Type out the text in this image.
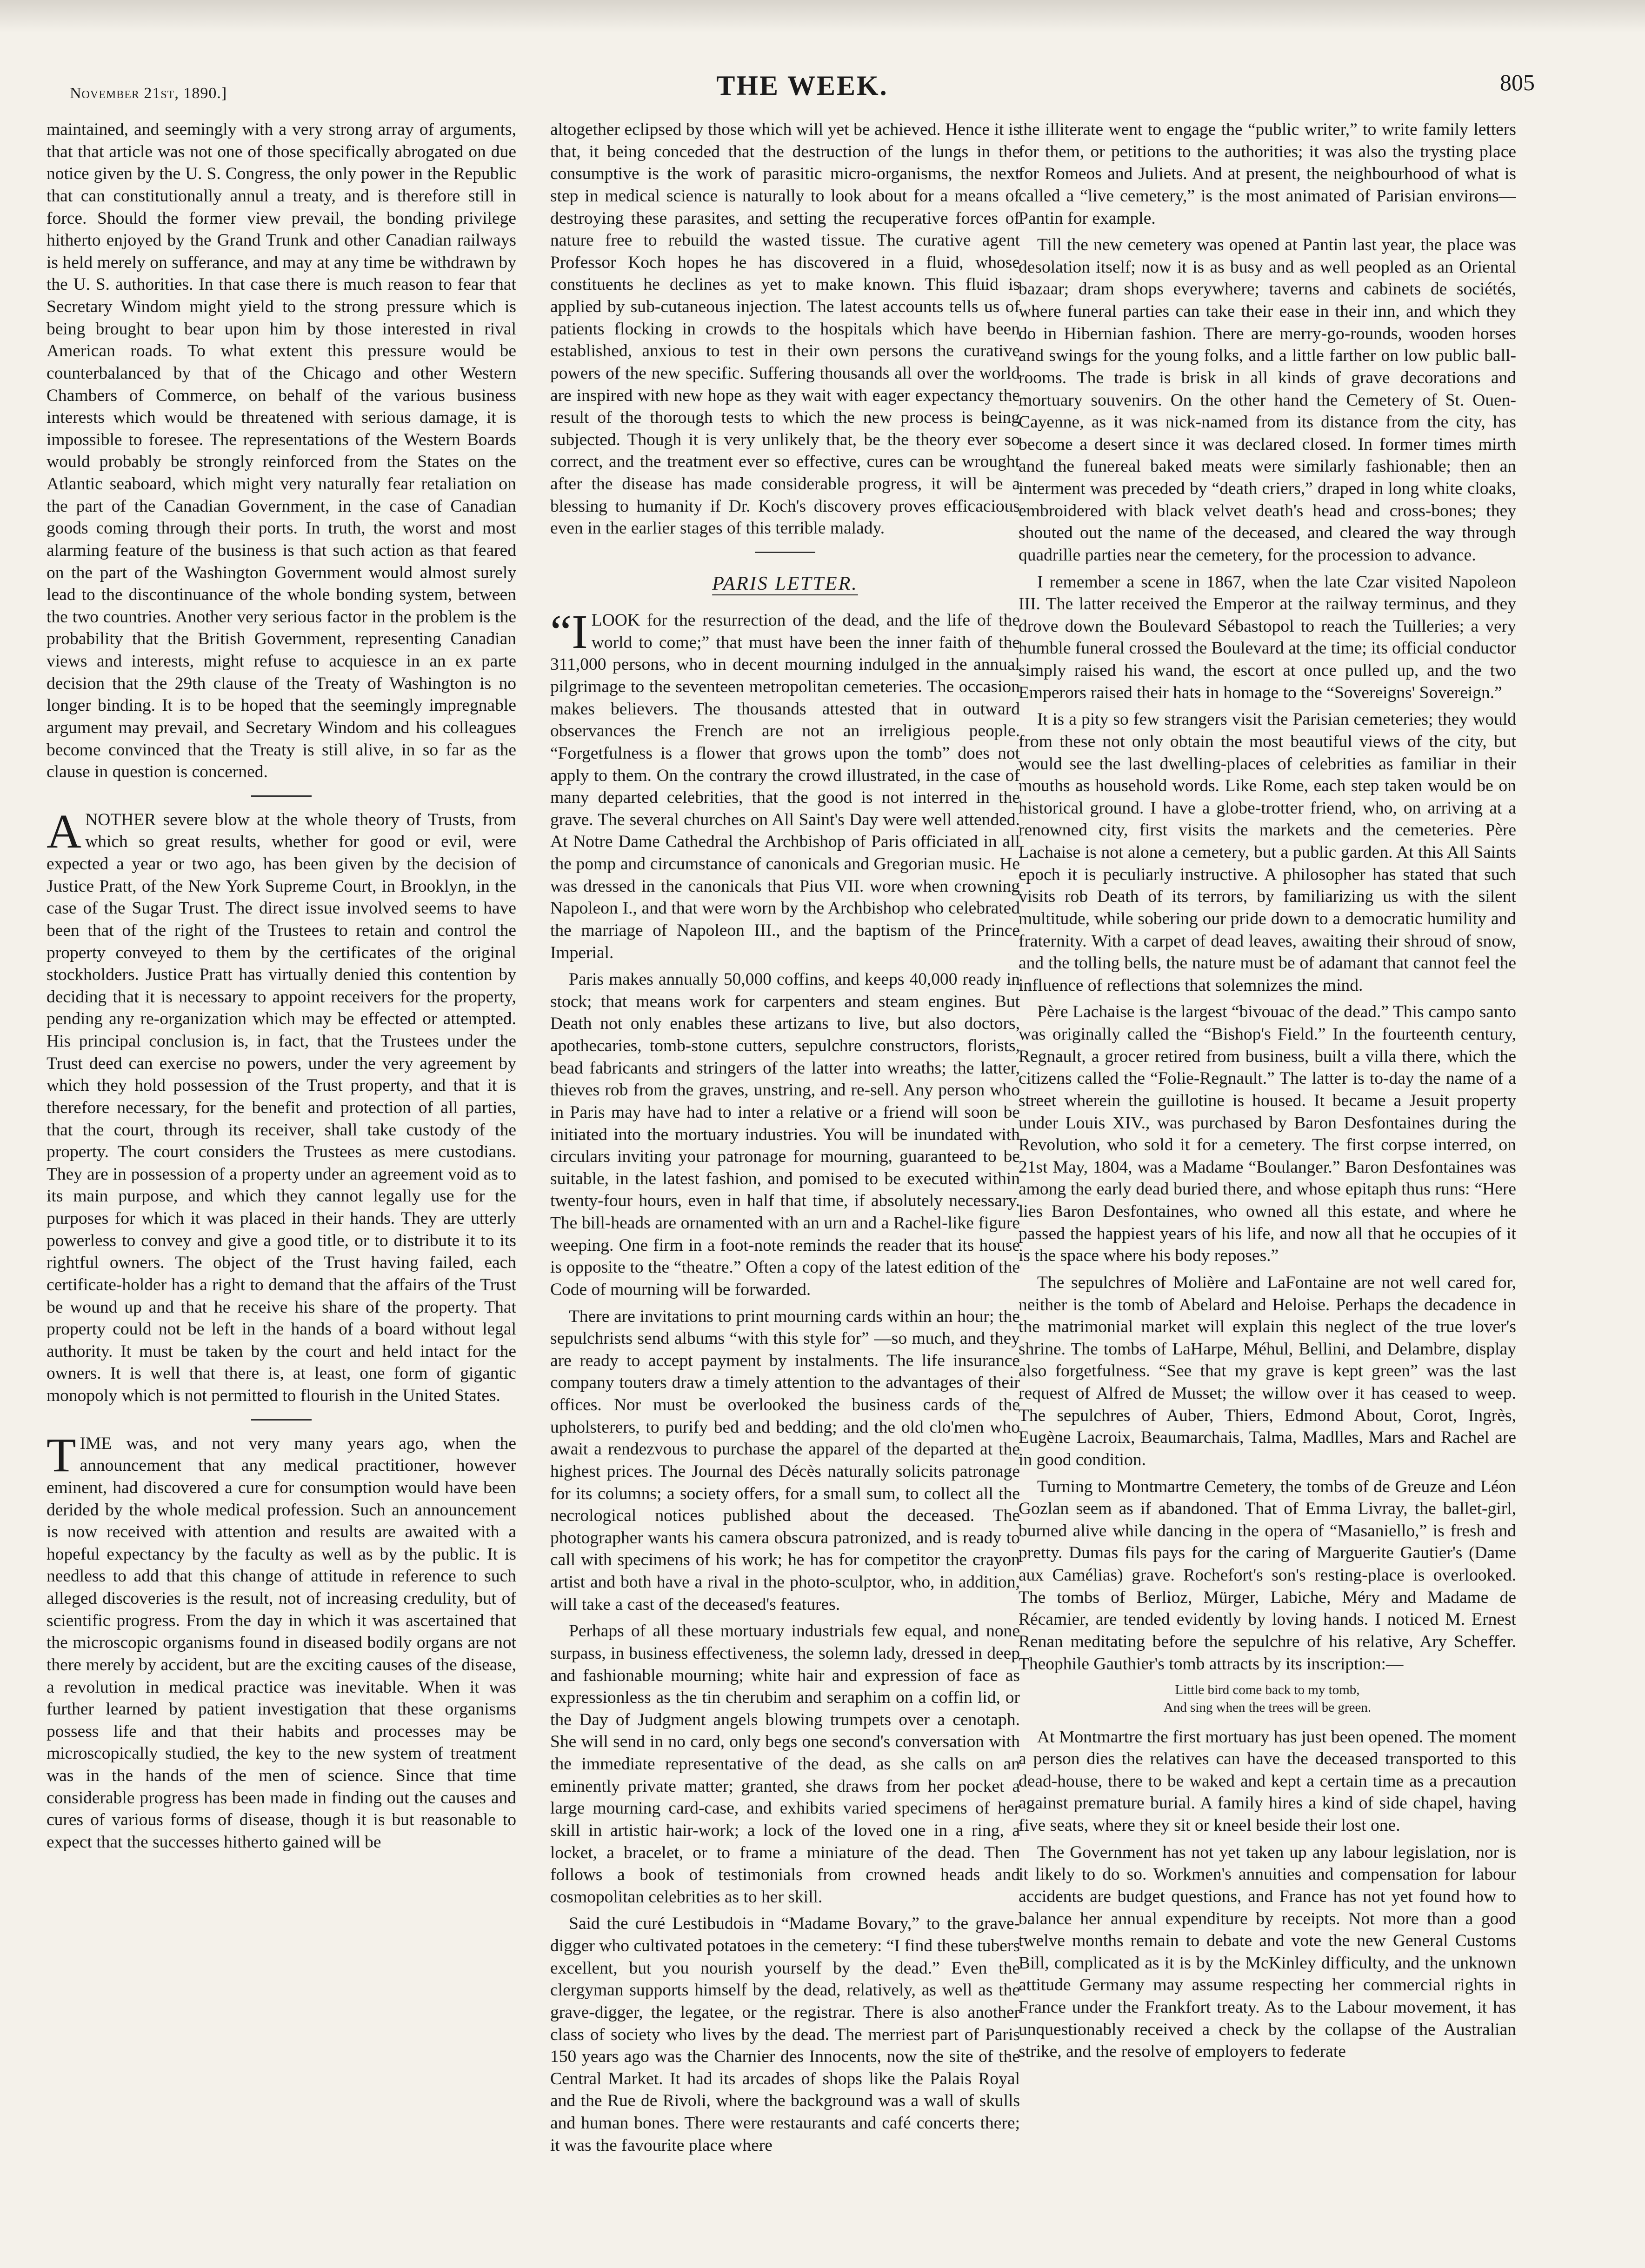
November 21st, 1890.]	THE WEEK.	805

maintained, and seemingly with a very strong array of arguments, that that article was not one of those specifically abrogated on due notice given by the U. S. Congress, the only power in the Republic that can constitutionally annul a treaty, and is therefore still in force. Should the former view prevail, the bonding privilege hitherto enjoyed by the Grand Trunk and other Canadian railways is held merely on sufferance, and may at any time be withdrawn by the U. S. authorities. In that case there is much reason to fear that Secretary Windom might yield to the strong pressure which is being brought to bear upon him by those interested in rival American roads. To what extent this pressure would be counterbalanced by that of the Chicago and other Western Chambers of Commerce, on behalf of the various business interests which would be threatened with serious damage, it is impossible to foresee. The representations of the Western Boards would probably be strongly reinforced from the States on the Atlantic seaboard, which might very naturally fear retaliation on the part of the Canadian Government, in the case of Canadian goods coming through their ports. In truth, the worst and most alarming feature of the business is that such action as that feared on the part of the Washington Government would almost surely lead to the discontinuance of the whole bonding system, between the two countries. Another very serious factor in the problem is the probability that the British Government, representing Canadian views and interests, might refuse to acquiesce in an ex parte decision that the 29th clause of the Treaty of Washington is no longer binding. It is to be hoped that the seemingly impregnable argument may prevail, and Secretary Windom and his colleagues become convinced that the Treaty is still alive, in so far as the clause in question is concerned.

ANOTHER severe blow at the whole theory of Trusts, from which so great results, whether for good or evil, were expected a year or two ago, has been given by the decision of Justice Pratt, of the New York Supreme Court, in Brooklyn, in the case of the Sugar Trust. The direct issue involved seems to have been that of the right of the Trustees to retain and control the property conveyed to them by the certificates of the original stockholders. Justice Pratt has virtually denied this contention by deciding that it is necessary to appoint receivers for the property, pending any re-organization which may be effected or attempted. His principal conclusion is, in fact, that the Trustees under the Trust deed can exercise no powers, under the very agreement by which they hold possession of the Trust property, and that it is therefore necessary, for the benefit and protection of all parties, that the court, through its receiver, shall take custody of the property. The court considers the Trustees as mere custodians. They are in possession of a property under an agreement void as to its main purpose, and which they cannot legally use for the purposes for which it was placed in their hands. They are utterly powerless to convey and give a good title, or to distribute it to its rightful owners. The object of the Trust having failed, each certificate-holder has a right to demand that the affairs of the Trust be wound up and that he receive his share of the property. That property could not be left in the hands of a board without legal authority. It must be taken by the court and held intact for the owners. It is well that there is, at least, one form of gigantic monopoly which is not permitted to flourish in the United States.

TIME was, and not very many years ago, when the announcement that any medical practitioner, however eminent, had discovered a cure for consumption would have been derided by the whole medical profession. Such an announcement is now received with attention and results are awaited with a hopeful expectancy by the faculty as well as by the public. It is needless to add that this change of attitude in reference to such alleged discoveries is the result, not of increasing credulity, but of scientific progress. From the day in which it was ascertained that the microscopic organisms found in diseased bodily organs are not there merely by accident, but are the exciting causes of the disease, a revolution in medical practice was inevitable. When it was further learned by patient investigation that these organisms possess life and that their habits and processes may be microscopically studied, the key to the new system of treatment was in the hands of the men of science. Since that time considerable progress has been made in finding out the causes and cures of various forms of disease, though it is but reasonable to expect that the successes hitherto gained will be

altogether eclipsed by those which will yet be achieved. Hence it is that, it being conceded that the destruction of the lungs in the consumptive is the work of parasitic micro-organisms, the next step in medical science is naturally to look about for a means of destroying these parasites, and setting the recuperative forces of nature free to rebuild the wasted tissue. The curative agent Professor Koch hopes he has discovered in a fluid, whose constituents he declines as yet to make known. This fluid is applied by sub-cutaneous injection. The latest accounts tells us of patients flocking in crowds to the hospitals which have been established, anxious to test in their own persons the curative powers of the new specific. Suffering thousands all over the world are inspired with new hope as they wait with eager expectancy the result of the thorough tests to which the new process is being subjected. Though it is very unlikely that, be the theory ever so correct, and the treatment ever so effective, cures can be wrought after the disease has made considerable progress, it will be a blessing to humanity if Dr. Koch's discovery proves efficacious even in the earlier stages of this terrible malady.

PARIS LETTER.

“ILOOK for the resurrection of the dead, and the life of the world to come;” that must have been the inner faith of the 311,000 persons, who in decent mourning indulged in the annual pilgrimage to the seventeen metropolitan cemeteries. The occasion makes believers. The thousands attested that in outward observances the French are not an irreligious people. “Forgetfulness is a flower that grows upon the tomb” does not apply to them. On the contrary the crowd illustrated, in the case of many departed celebrities, that the good is not interred in the grave. The several churches on All Saint's Day were well attended. At Notre Dame Cathedral the Archbishop of Paris officiated in all the pomp and circumstance of canonicals and Gregorian music. He was dressed in the canonicals that Pius VII. wore when crowning Napoleon I., and that were worn by the Archbishop who celebrated the marriage of Napoleon III., and the baptism of the Prince Imperial.

Paris makes annually 50,000 coffins, and keeps 40,000 ready in stock; that means work for carpenters and steam engines. But Death not only enables these artizans to live, but also doctors, apothecaries, tomb-stone cutters, sepulchre constructors, florists, bead fabricants and stringers of the latter into wreaths; the latter, thieves rob from the graves, unstring, and re-sell. Any person who in Paris may have had to inter a relative or a friend will soon be initiated into the mortuary industries. You will be inundated with circulars inviting your patronage for mourning, guaranteed to be suitable, in the latest fashion, and pomised to be executed within twenty-four hours, even in half that time, if absolutely necessary. The bill-heads are ornamented with an urn and a Rachel-like figure weeping. One firm in a foot-note reminds the reader that its house is opposite to the “theatre.” Often a copy of the latest edition of the Code of mourning will be forwarded.

There are invitations to print mourning cards within an hour; the sepulchrists send albums “with this style for” —so much, and they are ready to accept payment by instalments. The life insurance company touters draw a timely attention to the advantages of their offices. Nor must be overlooked the business cards of the upholsterers, to purify bed and bedding; and the old clo'men who await a rendezvous to purchase the apparel of the departed at the highest prices. The Journal des Décès naturally solicits patronage for its columns; a society offers, for a small sum, to collect all the necrological notices published about the deceased. The photographer wants his camera obscura patronized, and is ready to call with specimens of his work; he has for competitor the crayon artist and both have a rival in the photo-sculptor, who, in addition, will take a cast of the deceased's features.

Perhaps of all these mortuary industrials few equal, and none surpass, in business effectiveness, the solemn lady, dressed in deep and fashionable mourning; white hair and expression of face as expressionless as the tin cherubim and seraphim on a coffin lid, or the Day of Judgment angels blowing trumpets over a cenotaph. She will send in no card, only begs one second's conversation with the immediate representative of the dead, as she calls on an eminently private matter; granted, she draws from her pocket a large mourning card-case, and exhibits varied specimens of her skill in artistic hair-work; a lock of the loved one in a ring, a locket, a bracelet, or to frame a miniature of the dead. Then follows a book of testimonials from crowned heads and cosmopolitan celebrities as to her skill.

Said the curé Lestibudois in “Madame Bovary,” to the grave-digger who cultivated potatoes in the cemetery: “I find these tubers excellent, but you nourish yourself by the dead.” Even the clergyman supports himself by the dead, relatively, as well as the grave-digger, the legatee, or the registrar. There is also another class of society who lives by the dead. The merriest part of Paris 150 years ago was the Charnier des Innocents, now the site of the Central Market. It had its arcades of shops like the Palais Royal and the Rue de Rivoli, where the background was a wall of skulls and human bones. There were restaurants and café concerts there; it was the favourite place where

the illiterate went to engage the “public writer,” to write family letters for them, or petitions to the authorities; it was also the trysting place for Romeos and Juliets. And at present, the neighbourhood of what is called a “live cemetery,” is the most animated of Parisian environs—Pantin for example.

Till the new cemetery was opened at Pantin last year, the place was desolation itself; now it is as busy and as well peopled as an Oriental bazaar; dram shops everywhere; taverns and cabinets de sociétés, where funeral parties can take their ease in their inn, and which they do in Hibernian fashion. There are merry-go-rounds, wooden horses and swings for the young folks, and a little farther on low public ball-rooms. The trade is brisk in all kinds of grave decorations and mortuary souvenirs. On the other hand the Cemetery of St. Ouen-Cayenne, as it was nick-named from its distance from the city, has become a desert since it was declared closed. In former times mirth and the funereal baked meats were similarly fashionable; then an interment was preceded by “death criers,” draped in long white cloaks, embroidered with black velvet death's head and cross-bones; they shouted out the name of the deceased, and cleared the way through quadrille parties near the cemetery, for the procession to advance.

I remember a scene in 1867, when the late Czar visited Napoleon III. The latter received the Emperor at the railway terminus, and they drove down the Boulevard Sébastopol to reach the Tuilleries; a very humble funeral crossed the Boulevard at the time; its official conductor simply raised his wand, the escort at once pulled up, and the two Emperors raised their hats in homage to the “Sovereigns' Sovereign.”

It is a pity so few strangers visit the Parisian cemeteries; they would from these not only obtain the most beautiful views of the city, but would see the last dwelling-places of celebrities as familiar in their mouths as household words. Like Rome, each step taken would be on historical ground. I have a globe-trotter friend, who, on arriving at a renowned city, first visits the markets and the cemeteries. Père Lachaise is not alone a cemetery, but a public garden. At this All Saints epoch it is peculiarly instructive. A philosopher has stated that such visits rob Death of its terrors, by familiarizing us with the silent multitude, while sobering our pride down to a democratic humility and fraternity. With a carpet of dead leaves, awaiting their shroud of snow, and the tolling bells, the nature must be of adamant that cannot feel the influence of reflections that solemnizes the mind.

Père Lachaise is the largest “bivouac of the dead.” This campo santo was originally called the “Bishop's Field.” In the fourteenth century, Regnault, a grocer retired from business, built a villa there, which the citizens called the “Folie-Regnault.” The latter is to-day the name of a street wherein the guillotine is housed. It became a Jesuit property under Louis XIV., was purchased by Baron Desfontaines during the Revolution, who sold it for a cemetery. The first corpse interred, on 21st May, 1804, was a Madame “Boulanger.” Baron Desfontaines was among the early dead buried there, and whose epitaph thus runs: “Here lies Baron Desfontaines, who owned all this estate, and where he passed the happiest years of his life, and now all that he occupies of it is the space where his body reposes.”

The sepulchres of Molière and LaFontaine are not well cared for, neither is the tomb of Abelard and Heloise. Perhaps the decadence in the matrimonial market will explain this neglect of the true lover's shrine. The tombs of LaHarpe, Méhul, Bellini, and Delambre, display also forgetfulness. “See that my grave is kept green” was the last request of Alfred de Musset; the willow over it has ceased to weep. The sepulchres of Auber, Thiers, Edmond About, Corot, Ingrès, Eugène Lacroix, Beaumarchais, Talma, Madlles, Mars and Rachel are in good condition.

Turning to Montmartre Cemetery, the tombs of de Greuze and Léon Gozlan seem as if abandoned. That of Emma Livray, the ballet-girl, burned alive while dancing in the opera of “Masaniello,” is fresh and pretty. Dumas fils pays for the caring of Marguerite Gautier's (Dame aux Camélias) grave. Rochefort's son's resting-place is overlooked. The tombs of Berlioz, Mürger, Labiche, Méry and Madame de Récamier, are tended evidently by loving hands. I noticed M. Ernest Renan meditating before the sepulchre of his relative, Ary Scheffer. Theophile Gauthier's tomb attracts by its inscription:—

Little bird come back to my tomb,
And sing when the trees will be green.

At Montmartre the first mortuary has just been opened. The moment a person dies the relatives can have the deceased transported to this dead-house, there to be waked and kept a certain time as a precaution against premature burial. A family hires a kind of side chapel, having five seats, where they sit or kneel beside their lost one.

The Government has not yet taken up any labour legislation, nor is it likely to do so. Workmen's annuities and compensation for labour accidents are budget questions, and France has not yet found how to balance her annual expenditure by receipts. Not more than a good twelve months remain to debate and vote the new General Customs Bill, complicated as it is by the McKinley difficulty, and the unknown attitude Germany may assume respecting her commercial rights in France under the Frankfort treaty. As to the Labour movement, it has unquestionably received a check by the collapse of the Australian strike, and the resolve of employers to federate
